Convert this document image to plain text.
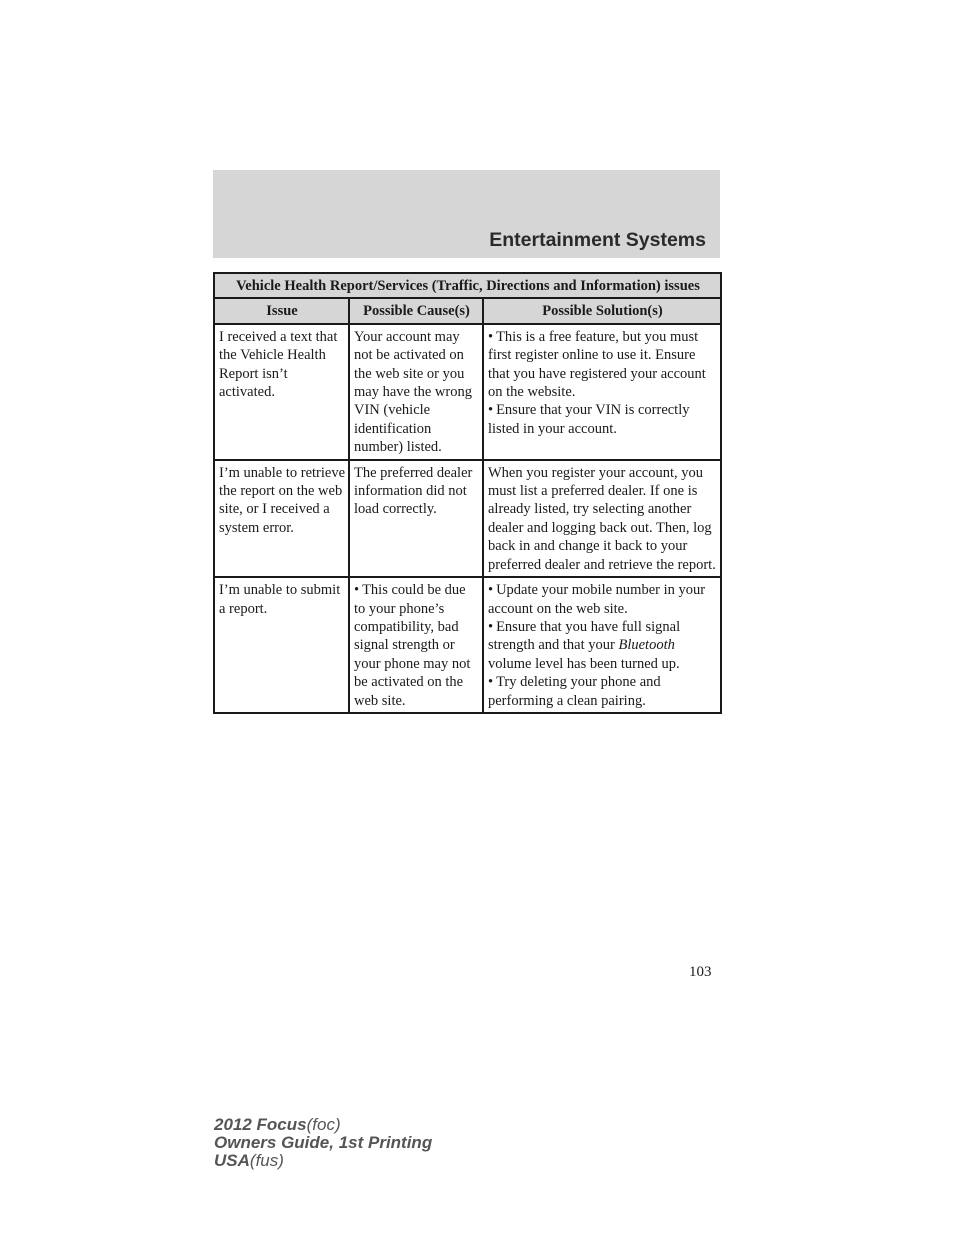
Entertainment Systems
Vehicle Health Report/Services (Traffic, Directions and Information) issues		
Issue	Possible Cause(s)	Possible Solution(s)
I received a text that the Vehicle Health Report isn’t activated.	Your account may not be activated on the web site or you may have the wrong VIN (vehicle identification number) listed.	• This is a free feature, but you must first register online to use it. Ensure that you have registered your account on the website.
• Ensure that your VIN is correctly listed in your account.

I’m unable to retrieve the report on the web site, or I received a system error.	The preferred dealer information did not load correctly.	When you register your account, you must list a preferred dealer. If one is already listed, try selecting another dealer and logging back out. Then, log back in and change it back to your preferred dealer and retrieve the report.
I’m unable to submit a report.	• This could be due to your phone’s compatibility, bad signal strength or your phone may not be activated on the web site.	• Update your mobile number in your account on the web site.
• Ensure that you have full signal strength and that your Bluetooth volume level has been turned up.
• Try deleting your phone and performing a clean pairing.
103
2012 Focus(foc)
Owners Guide, 1st Printing
USA(fus)
